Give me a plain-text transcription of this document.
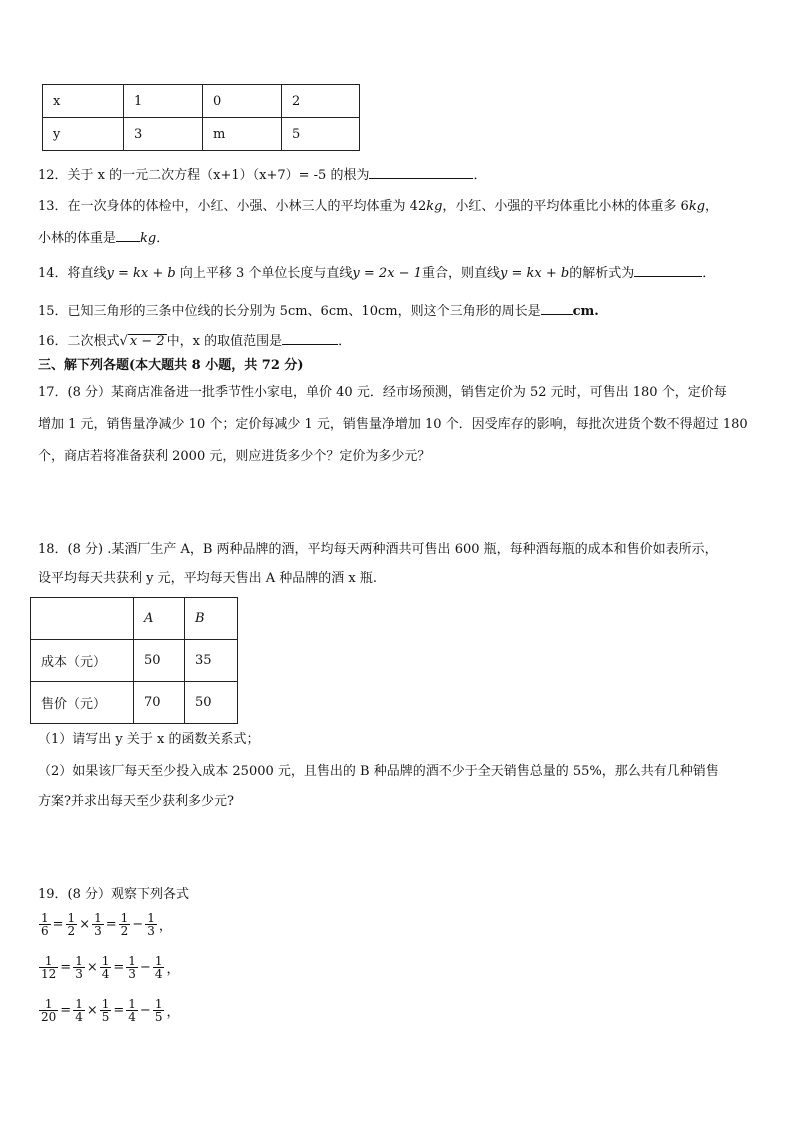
x	1	0	2
y	3	m	5
12．关于 x 的一元二次方程（x+1）（x+7）= -5 的根为	．
13．在一次身体的体检中，小红、小强、小林三人的平均体重为 42kg，小红、小强的平均体重比小林的体重多 6kg，
小林的体重是 kg．
14．将直线y = kx + b 向上平移 3 个单位长度与直线y = 2x − 1重合，则直线y = kx + b的解析式为	．
15．已知三角形的三条中位线的长分别为 5cm、6cm、10cm，则这个三角形的周长是 cm.
16．二次根式√ x − 2 中，x 的取值范围是	．
三、解下列各题(本大题共 8 小题，共 72 分)
17．(8 分）某商店准备进一批季节性小家电，单价 40 元．经市场预测，销售定价为 52 元时，可售出 180 个，定价每
增加 1 元，销售量净减少 10 个；定价每减少 1 元，销售量净增加 10 个．因受库存的影响，每批次进货个数不得超过 180
个，商店若将准备获利 2000 元，则应进货多少个？定价为多少元？
18．(8 分) .某酒厂生产 A，B 两种品牌的酒，平均每天两种酒共可售出 600 瓶，每种酒每瓶的成本和售价如表所示，
设平均每天共获利 y 元，平均每天售出 A 种品牌的酒 x 瓶.
	A	B
成本（元）	50	35
售价（元）	70	50
（1）请写出 y 关于 x 的函数关系式；
（2）如果该厂每天至少投入成本 25000 元，且售出的 B 种品牌的酒不少于全天销售总量的 55%，那么共有几种销售
方案?并求出每天至少获利多少元?
19．(8 分）观察下列各式
$\frac{1}{6} = \frac{1}{2} \times \frac{1}{3} = \frac{1}{2} - \frac{1}{3}$ ，
$\frac{1}{12} = \frac{1}{3} \times \frac{1}{4} = \frac{1}{3} - \frac{1}{4}$ ，
$\frac{1}{20} = \frac{1}{4} \times \frac{1}{5} = \frac{1}{4} - \frac{1}{5}$ ，
